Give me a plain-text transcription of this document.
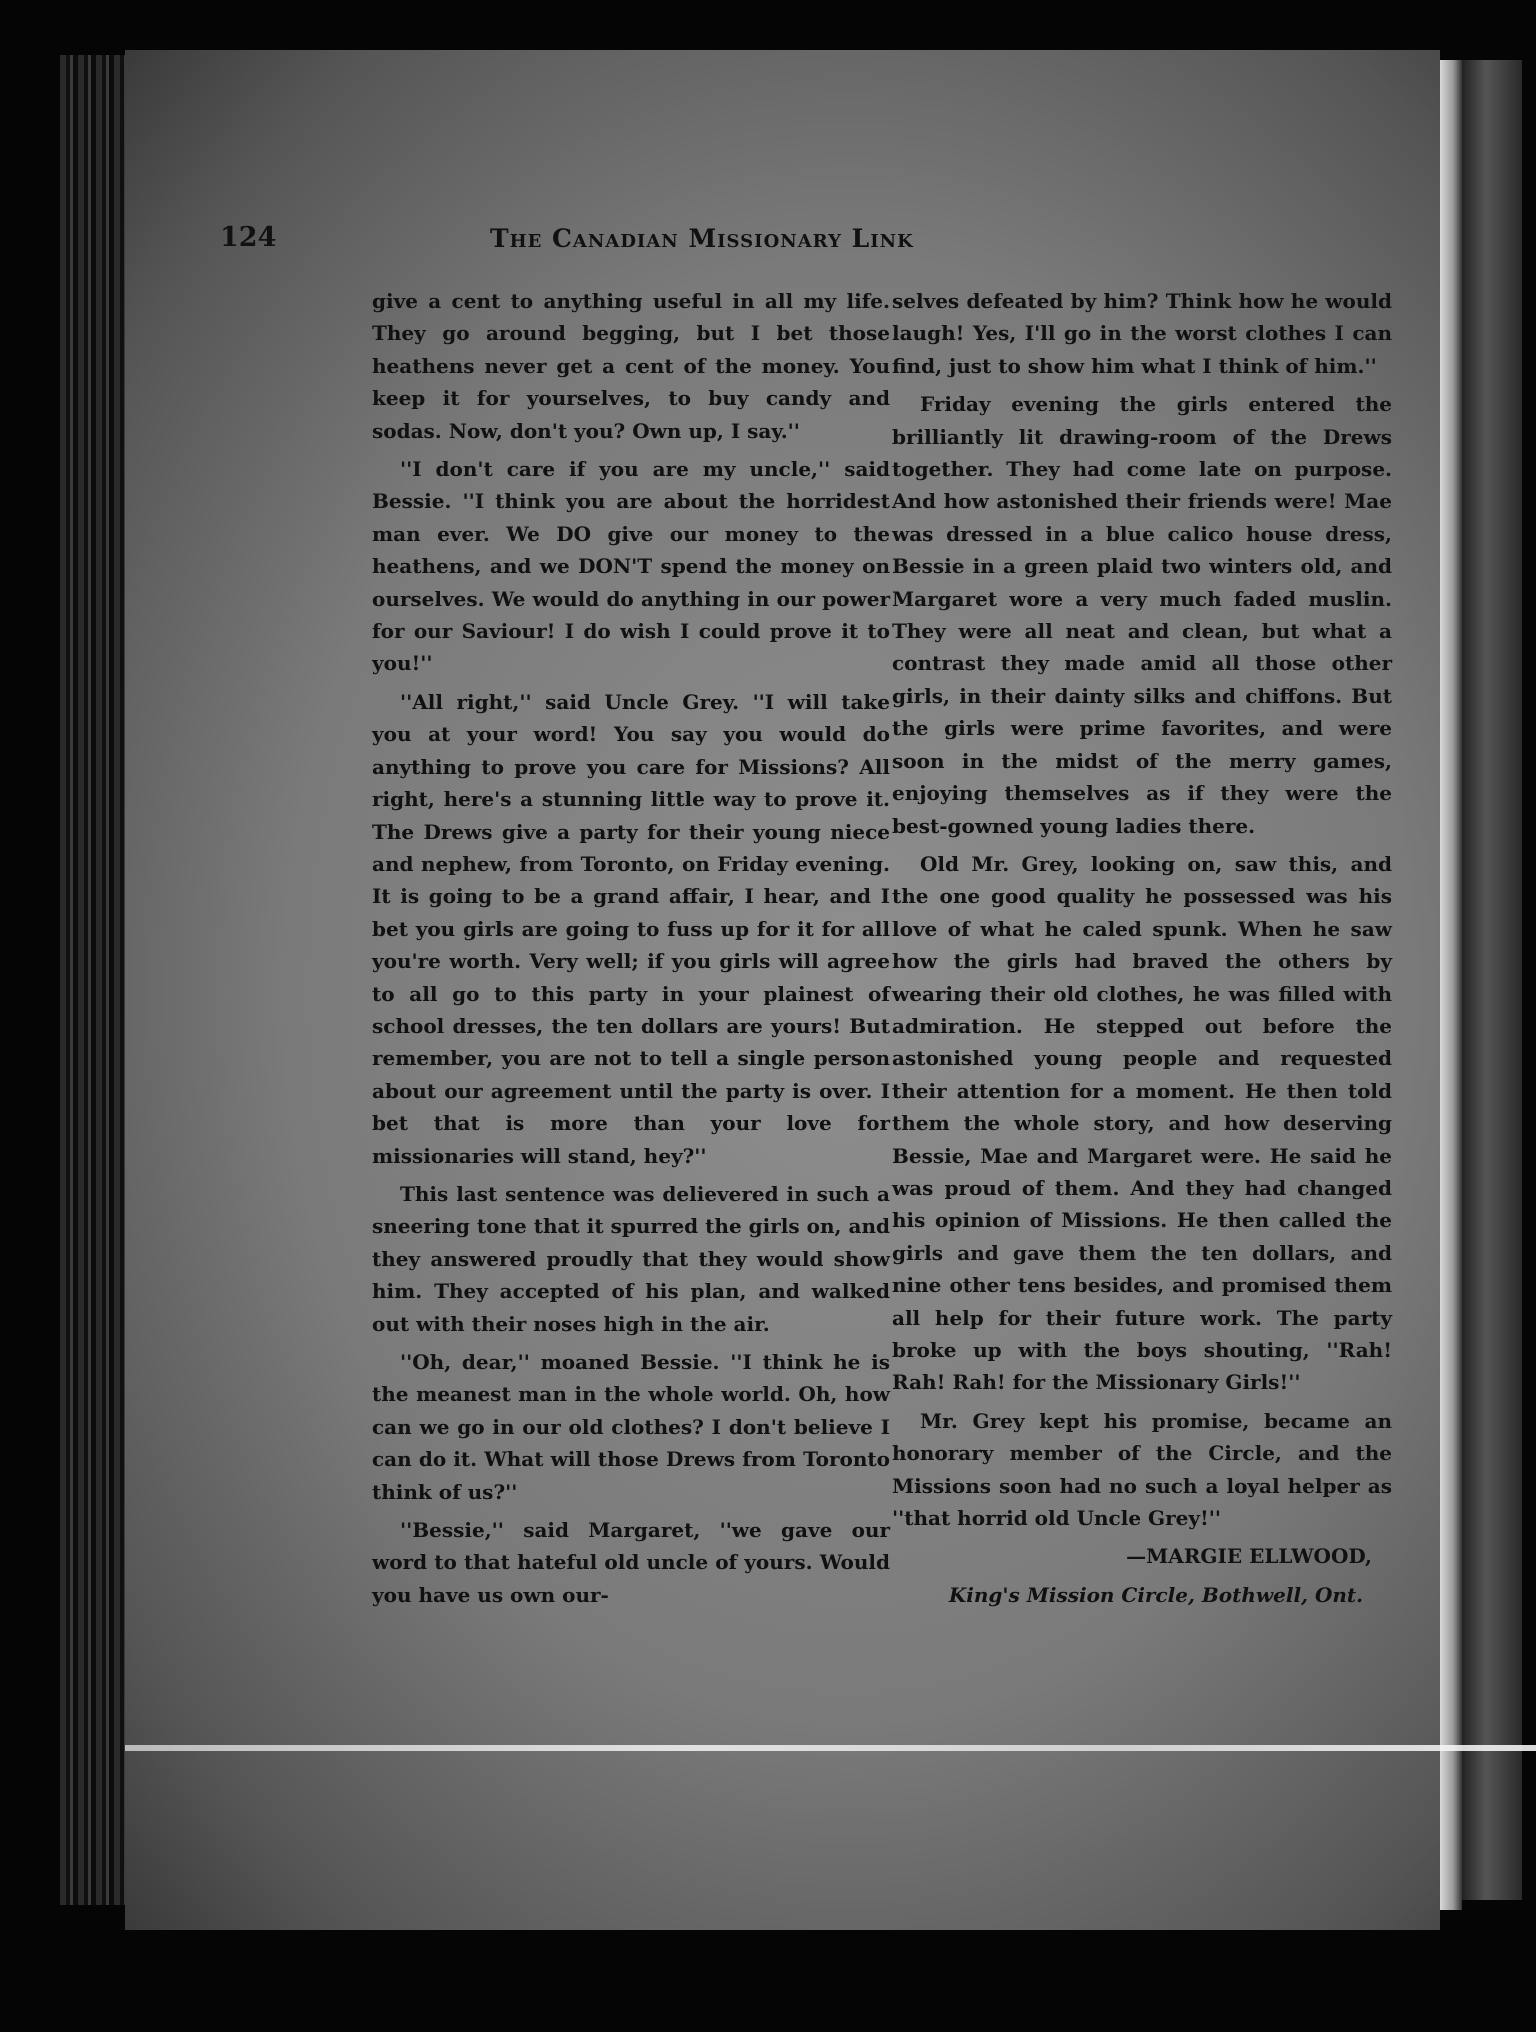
124	The Canadian Missionary Link

give a cent to anything useful in all my life. They go around begging, but I bet those heathens never get a cent of the money. You keep it for yourselves, to buy candy and sodas. Now, don't you? Own up, I say.''

''I don't care if you are my uncle,'' said Bessie. ''I think you are about the horridest man ever. We DO give our money to the heathens, and we DON'T spend the money on ourselves. We would do anything in our power for our Saviour! I do wish I could prove it to you!''

''All right,'' said Uncle Grey. ''I will take you at your word! You say you would do anything to prove you care for Missions? All right, here's a stunning little way to prove it. The Drews give a party for their young niece and nephew, from Toronto, on Friday evening. It is going to be a grand affair, I hear, and I bet you girls are going to fuss up for it for all you're worth. Very well; if you girls will agree to all go to this party in your plainest of school dresses, the ten dollars are yours! But remember, you are not to tell a single person about our agreement until the party is over. I bet that is more than your love for missionaries will stand, hey?''

This last sentence was delievered in such a sneering tone that it spurred the girls on, and they answered proudly that they would show him. They accepted of his plan, and walked out with their noses high in the air.

''Oh, dear,'' moaned Bessie. ''I think he is the meanest man in the whole world. Oh, how can we go in our old clothes? I don't believe I can do it. What will those Drews from Toronto think of us?''

''Bessie,'' said Margaret, ''we gave our word to that hateful old uncle of yours. Would you have us own our-

selves defeated by him? Think how he would laugh! Yes, I'll go in the worst clothes I can find, just to show him what I think of him.''

Friday evening the girls entered the brilliantly lit drawing-room of the Drews together. They had come late on purpose. And how astonished their friends were! Mae was dressed in a blue calico house dress, Bessie in a green plaid two winters old, and Margaret wore a very much faded muslin. They were all neat and clean, but what a contrast they made amid all those other girls, in their dainty silks and chiffons. But the girls were prime favorites, and were soon in the midst of the merry games, enjoying themselves as if they were the best-gowned young ladies there.

Old Mr. Grey, looking on, saw this, and the one good quality he possessed was his love of what he caled spunk. When he saw how the girls had braved the others by wearing their old clothes, he was filled with admiration. He stepped out before the astonished young people and requested their attention for a moment. He then told them the whole story, and how deserving Bessie, Mae and Margaret were. He said he was proud of them. And they had changed his opinion of Missions. He then called the girls and gave them the ten dollars, and nine other tens besides, and promised them all help for their future work. The party broke up with the boys shouting, ''Rah! Rah! Rah! for the Missionary Girls!''

Mr. Grey kept his promise, became an honorary member of the Circle, and the Missions soon had no such a loyal helper as ''that horrid old Uncle Grey!''

—MARGIE ELLWOOD,

King's Mission Circle, Bothwell, Ont.
